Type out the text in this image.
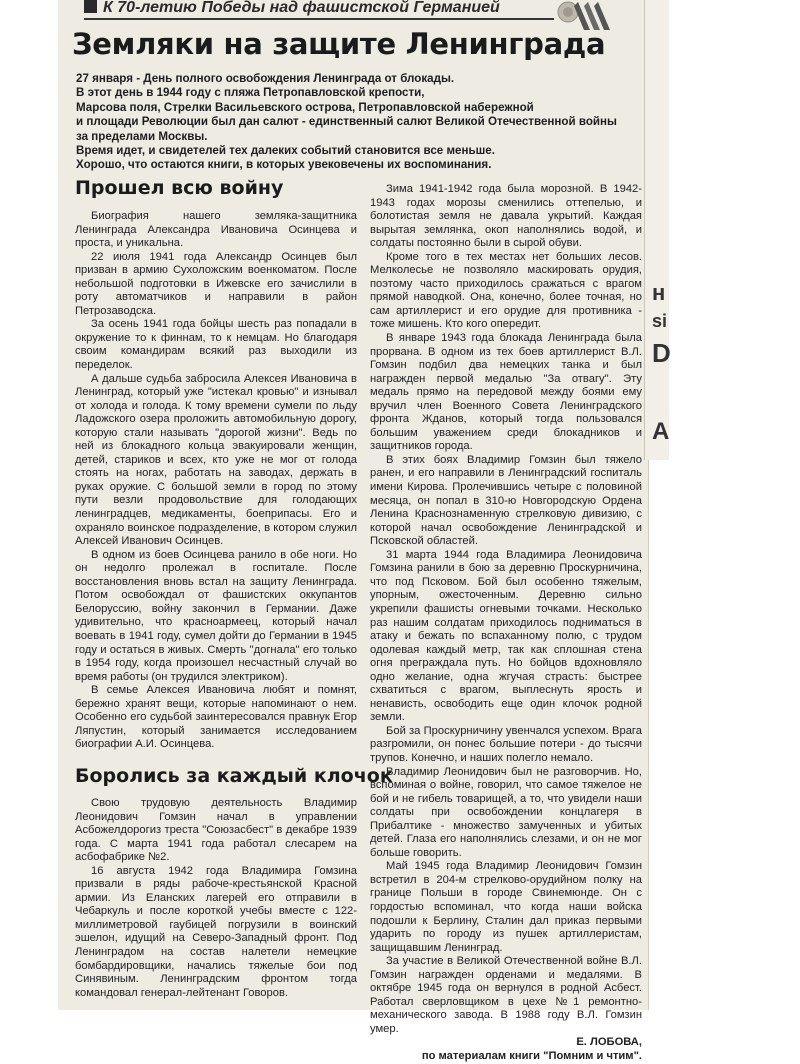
н
si
D
A
К 70-летию Победы над фашистской Германией
Земляки на защите Ленинграда

27 января - День полного освобождения Ленинграда от блокады.

В этот день в 1944 году с пляжа Петропавловской крепости,

Марсова поля, Стрелки Васильевского острова, Петропавловской набережной

и площади Революции был дан салют - единственный салют Великой Отечественной войны

за пределами Москвы.

Время идет, и свидетелей тех далеких событий становится все меньше.

Хорошо, что остаются книги, в которых увековечены их воспоминания.

Прошел всю войну

Биография нашего земляка-защитника Ленинграда Александра Ивановича Осинцева и проста, и уникальна.

22 июля 1941 года Александр Осинцев был призван в армию Сухоложским военкоматом. После небольшой подготовки в Ижевске его зачислили в роту автоматчиков и направили в район Петрозаводска.

За осень 1941 года бойцы шесть раз попадали в окружение то к финнам, то к немцам. Но благодаря своим командирам всякий раз выходили из переделок.

А дальше судьба забросила Алексея Ивановича в Ленинград, который уже "истекал кровью" и изнывал от холода и голода. К тому времени сумели по льду Ладожского озера проложить автомобильную дорогу, которую стали называть "дорогой жизни". Ведь по ней из блокадного кольца эвакуировали женщин, детей, стариков и всех, кто уже не мог от голода стоять на ногах, работать на заводах, держать в руках оружие. С большой земли в город по этому пути везли продовольствие для голодающих ленинградцев, медикаменты, боеприпасы. Его и охраняло воинское подразделение, в котором служил Алексей Иванович Осинцев.

В одном из боев Осинцева ранило в обе ноги. Но он недолго пролежал в госпитале. После восстановления вновь встал на защиту Ленинграда. Потом освобождал от фашистских оккупантов Белоруссию, войну закончил в Германии. Даже удивительно, что красноармеец, который начал воевать в 1941 году, сумел дойти до Германии в 1945 году и остаться в живых. Смерть "догнала" его только в 1954 году, когда произошел несчастный случай во время работы (он трудился электриком).

В семье Алексея Ивановича любят и помнят, бережно хранят вещи, которые напоминают о нем. Особенно его судьбой заинтересовался правнук Егор Ляпустин, который занимается исследованием биографии А.И. Осинцева.

Боролись за каждый клочок

Свою трудовую деятельность Владимир Леонидович Гомзин начал в управлении Асбожелдорогиз треста "Союзасбест" в декабре 1939 года. С марта 1941 года работал слесарем на асбофабрике №2.

16 августа 1942 года Владимира Гомзина призвали в ряды рабоче-крестьянской Красной армии. Из Еланских лагерей его отправили в Чебаркуль и после короткой учебы вместе с 122-миллиметровой гаубицей погрузили в воинский эшелон, идущий на Северо-Западный фронт. Под Ленинградом на состав налетели немецкие бомбардировщики, начались тяжелые бои под Синявиным. Ленинградским фронтом тогда командовал генерал-лейтенант Говоров.

Зима 1941-1942 года была морозной. В 1942-1943 годах морозы сменились оттепелью, и болотистая земля не давала укрытий. Каждая вырытая землянка, окоп наполнялись водой, и солдаты постоянно были в сырой обуви.

Кроме того в тех местах нет больших лесов. Мелколесье не позволяло маскировать орудия, поэтому часто приходилось сражаться с врагом прямой наводкой. Она, конечно, более точная, но сам артиллерист и его орудие для противника - тоже мишень. Кто кого опередит.

В январе 1943 года блокада Ленинграда была прорвана. В одном из тех боев артиллерист В.Л. Гомзин подбил два немецких танка и был награжден первой медалью "За отвагу". Эту медаль прямо на передовой между боями ему вручил член Военного Совета Ленинградского фронта Жданов, который тогда пользовался большим уважением среди блокадников и защитников города.

В этих боях Владимир Гомзин был тяжело ранен, и его направили в Ленинградский госпиталь имени Кирова. Пролечившись четыре с половиной месяца, он попал в 310-ю Новгородскую Ордена Ленина Краснознаменную стрелковую дивизию, с которой начал освобождение Ленинградской и Псковской областей.

31 марта 1944 года Владимира Леонидовича Гомзина ранили в бою за деревню Проскурничина, что под Псковом. Бой был особенно тяжелым, упорным, ожесточенным. Деревню сильно укрепили фашисты огневыми точками. Несколько раз нашим солдатам приходилось подниматься в атаку и бежать по вспаханному полю, с трудом одолевая каждый метр, так как сплошная стена огня преграждала путь. Но бойцов вдохновляло одно желание, одна жгучая страсть: быстрее схватиться с врагом, выплеснуть ярость и ненависть, освободить еще один клочок родной земли.

Бой за Проскурничину увенчался успехом. Врага разгромили, он понес большие потери - до тысячи трупов. Конечно, и наших полегло немало.

Владимир Леонидович был не разговорчив. Но, вспоминая о войне, говорил, что самое тяжелое не бой и не гибель товарищей, а то, что увидели наши солдаты при освобождении концлагеря в Прибалтике - множество замученных и убитых детей. Глаза его наполнялись слезами, и он не мог больше говорить.

Май 1945 года Владимир Леонидович Гомзин встретил в 204-м стрелково-орудийном полку на границе Польши в городе Свинемюнде. Он с гордостью вспоминал, что когда наши войска подошли к Берлину, Сталин дал приказ первыми ударить по городу из пушек артиллеристам, защищавшим Ленинград.

За участие в Великой Отечественной войне В.Л. Гомзин награжден орденами и медалями. В октябре 1945 года он вернулся в родной Асбест. Работал сверловщиком в цехе №1 ремонтно-механического завода. В 1988 году В.Л. Гомзин умер.

Е. ЛОБОВА,

по материалам книги "Помним и чтим".
